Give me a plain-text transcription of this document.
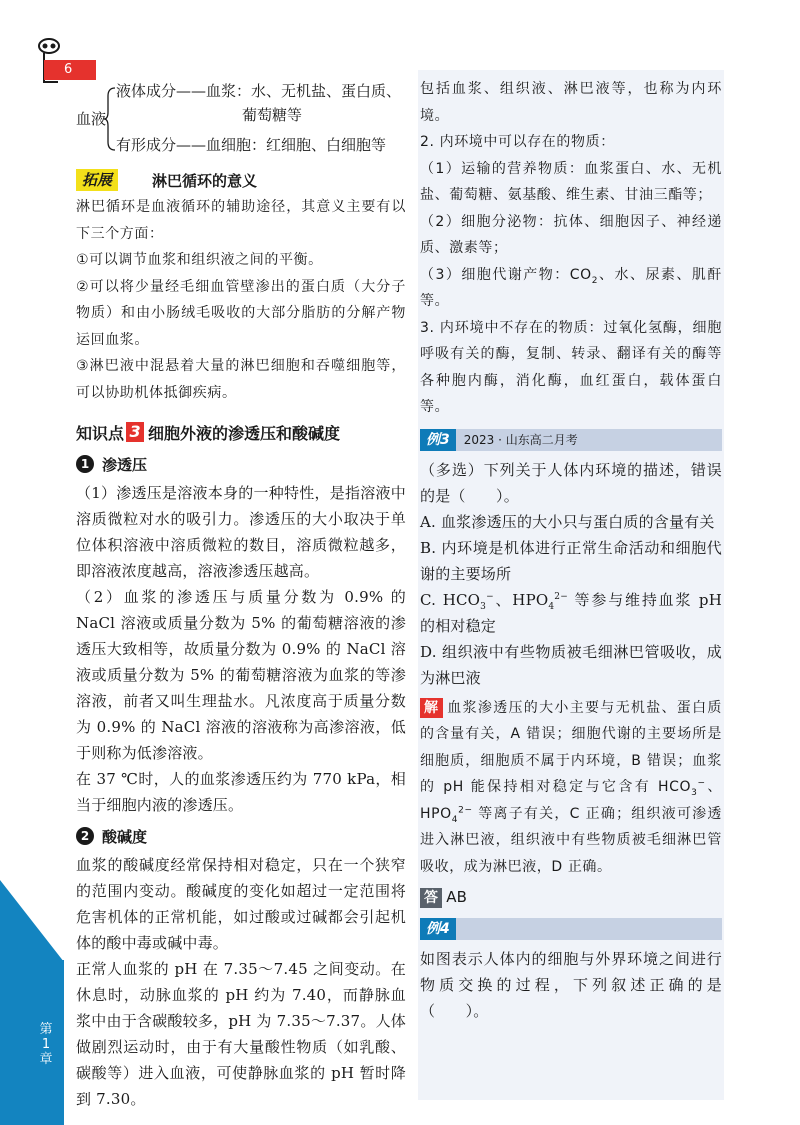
6
第1章
血液
液体成分——血浆：水、无机盐、蛋白质、
葡萄糖等
有形成分——血细胞：红细胞、白细胞等
拓展	淋巴循环的意义

淋巴循环是血液循环的辅助途径，其意义主要有以下三个方面：

①可以调节血浆和组织液之间的平衡。

②可以将少量经毛细血管壁渗出的蛋白质（大分子物质）和由小肠绒毛吸收的大部分脂肪的分解产物运回血浆。

③淋巴液中混悬着大量的淋巴细胞和吞噬细胞等，可以协助机体抵御疾病。

知识点 3 细胞外液的渗透压和酸碱度
1 渗透压

（1）渗透压是溶液本身的一种特性，是指溶液中溶质微粒对水的吸引力。渗透压的大小取决于单位体积溶液中溶质微粒的数目，溶质微粒越多，即溶液浓度越高，溶液渗透压越高。

（2）血浆的渗透压与质量分数为 0.9% 的 NaCl 溶液或质量分数为 5% 的葡萄糖溶液的渗透压大致相等，故质量分数为 0.9% 的 NaCl 溶液或质量分数为 5% 的葡萄糖溶液为血浆的等渗溶液，前者又叫生理盐水。凡浓度高于质量分数为 0.9% 的 NaCl 溶液的溶液称为高渗溶液，低于则称为低渗溶液。

在 37 ℃时，人的血浆渗透压约为 770 kPa，相当于细胞内液的渗透压。

2 酸碱度

血浆的酸碱度经常保持相对稳定，只在一个狭窄的范围内变动。酸碱度的变化如超过一定范围将危害机体的正常机能，如过酸或过碱都会引起机体的酸中毒或碱中毒。

正常人血浆的 pH 在 7.35～7.45 之间变动。在休息时，动脉血浆的 pH 约为 7.40，而静脉血浆中由于含碳酸较多，pH 为 7.35～7.37。人体做剧烈运动时，由于有大量酸性物质（如乳酸、碳酸等）进入血液，可使静脉血浆的 pH 暂时降到 7.30。

包括血浆、组织液、淋巴液等，也称为内环境。

2. 内环境中可以存在的物质：

（1）运输的营养物质：血浆蛋白、水、无机盐、葡萄糖、氨基酸、维生素、甘油三酯等；

（2）细胞分泌物：抗体、细胞因子、神经递质、激素等；

（3）细胞代谢产物：$CO_2$、水、尿素、肌酐等。

3. 内环境中不存在的物质：过氧化氢酶，细胞呼吸有关的酶，复制、转录、翻译有关的酶等各种胞内酶，消化酶，血红蛋白，载体蛋白等。

例3	2023 · 山东高二月考

（多选）下列关于人体内环境的描述，错误的是（　　）。

A. 血浆渗透压的大小只与蛋白质的含量有关

B. 内环境是机体进行正常生命活动和细胞代谢的主要场所

C. $HCO_3^-$、$HPO_4^{2-}$ 等参与维持血浆 pH 的相对稳定

D. 组织液中有些物质被毛细淋巴管吸收，成为淋巴液

解 血浆渗透压的大小主要与无机盐、蛋白质的含量有关，A 错误；细胞代谢的主要场所是细胞质，细胞质不属于内环境，B 错误；血浆的 pH 能保持相对稳定与它含有 $HCO_3^-$、$HPO_4^{2-}$ 等离子有关，C 正确；组织液可渗透进入淋巴液，组织液中有些物质被毛细淋巴管吸收，成为淋巴液，D 正确。

答 AB

例4

如图表示人体内的细胞与外界环境之间进行物质交换的过程，下列叙述正确的是（　　）。
